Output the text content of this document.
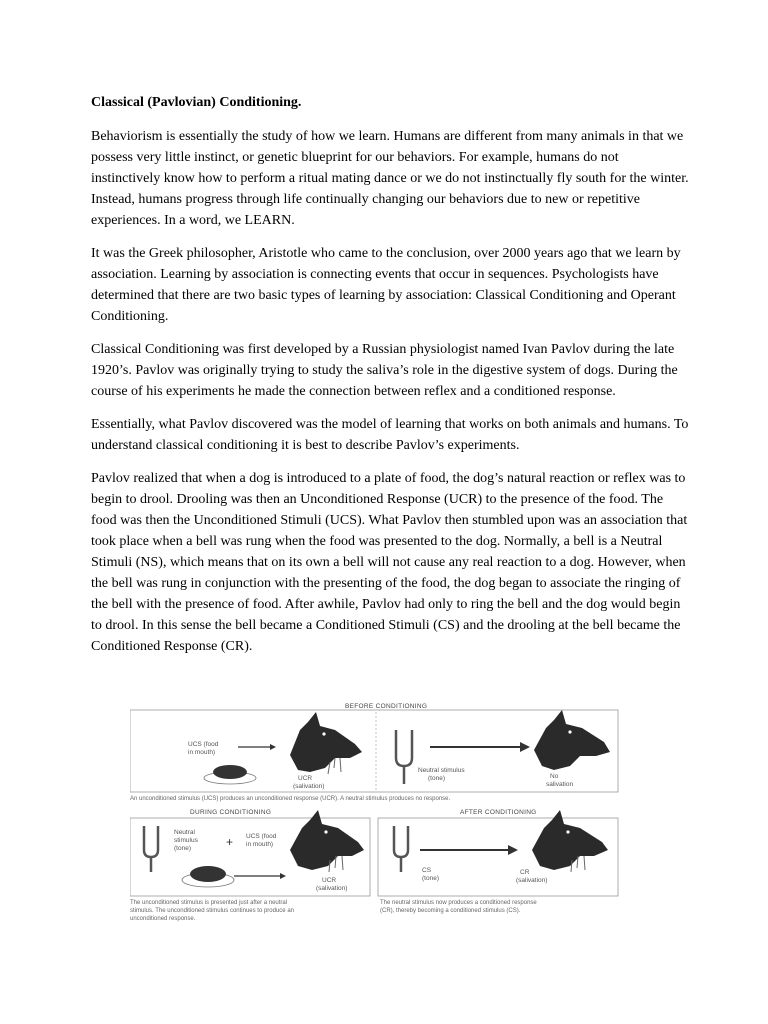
Classical (Pavlovian) Conditioning.

Behaviorism is essentially the study of how we learn. Humans are different from many animals in that we possess very little instinct, or genetic blueprint for our behaviors. For example, humans do not instinctively know how to perform a ritual mating dance or we do not instinctually fly south for the winter. Instead, humans progress through life continually changing our behaviors due to new or repetitive experiences. In a word, we LEARN.

It was the Greek philosopher, Aristotle who came to the conclusion, over 2000 years ago that we learn by association. Learning by association is connecting events that occur in sequences. Psychologists have determined that there are two basic types of learning by association: Classical Conditioning and Operant Conditioning.

Classical Conditioning was first developed by a Russian physiologist named Ivan Pavlov during the late 1920’s. Pavlov was originally trying to study the saliva’s role in the digestive system of dogs. During the course of his experiments he made the connection between reflex and a conditioned response.

Essentially, what Pavlov discovered was the model of learning that works on both animals and humans. To understand classical conditioning it is best to describe Pavlov’s experiments.

Pavlov realized that when a dog is introduced to a plate of food, the dog’s natural reaction or reflex was to begin to drool. Drooling was then an Unconditioned Response (UCR) to the presence of the food. The food was then the Unconditioned Stimuli (UCS). What Pavlov then stumbled upon was an association that took place when a bell was rung when the food was presented to the dog. Normally, a bell is a Neutral Stimuli (NS), which means that on its own a bell will not cause any real reaction to a dog. However, when the bell was rung in conjunction with the presenting of the food, the dog began to associate the ringing of the bell with the presence of food. After awhile, Pavlov had only to ring the bell and the dog would begin to drool. In this sense the bell became a Conditioned Stimuli (CS) and the drooling at the bell became the Conditioned Response (CR).

BEFORE CONDITIONING
UCS (food
in mouth)
UCR
(salivation)
Neutral stimulus
(tone)	No
salivation
An unconditioned stimulus (UCS) produces an unconditioned response (UCR). A neutral stimulus produces no response.
DURING CONDITIONING
Neutral
stimulus
(tone)	+ UCS (food
in mouth)
UCR
(salivation)
The unconditioned stimulus is presented just after a neutral
stimulus. The unconditioned stimulus continues to produce an
unconditioned response.
AFTER CONDITIONING
CS
(tone)
CR
(salivation)
The neutral stimulus now produces a conditioned response
(CR), thereby becoming a conditioned stimulus (CS).
